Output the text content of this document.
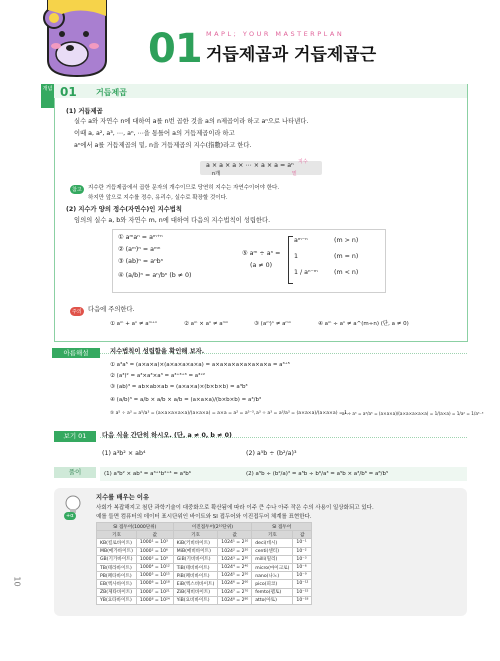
01 MAPL; YOUR MASTERPLAN
거듭제곱과 거듭제곱근
개념 01 거듭제곱
(1) 거듭제곱
실수 a와 자연수 n에 대하여 a를 n번 곱한 것을 a의 n제곱이라 하고 aⁿ으로 나타낸다.
이때 a, a², a³, ⋯, aⁿ, ⋯을 통틀어 a의 거듭제곱이라 하고
aⁿ에서 a를 거듭제곱의 밑, n을 거듭제곱의 지수(指數)라고 한다.
a × a × a × ⋯ × a × a = aⁿ
n개
지수
밑
참고	지수란 거듭제곱에서 곱한 문자의 개수이므로 당연히 지수는 자연수이어야 한다.
하지만 앞으로 지수를 정수, 유리수, 실수로 확장할 것이다.
(2) 지수가 양의 정수(자연수)인 지수법칙
임의의 실수 a, b와 자연수 m, n에 대하여 다음의 지수법칙이 성립한다.
① aᵐaⁿ = aᵐ⁺ⁿ
② (aᵐ)ⁿ = aᵐⁿ
③ (ab)ⁿ = aⁿbⁿ
④ (a/b)ⁿ = aⁿ/bⁿ (b ≠ 0)
⑤ aᵐ ÷ aⁿ =
(a ≠ 0)
aᵐ⁻ⁿ	(m > n)
1	(m = n)
1 / aⁿ⁻ᵐ	(m < n)
주의	다음에 주의한다.
① aᵐ + aⁿ ≠ aᵐ⁺ⁿ	② aᵐ × aⁿ ≠ aᵐⁿ	③ (aᵐ)ⁿ ≠ aᵐⁿ	④ aᵐ ÷ aⁿ ≠ a^(m÷n) (단, a ≠ 0)
아름해설	지수법칙이 성립함을 확인해 보자.
① a³a⁵ = (a×a×a)×(a×a×a×a×a) = a×a×a×a×a×a×a×a = a³⁺⁵
② (a³)² = a³×a³×a³ = a³⁺³⁺³ = a³ˣ²
③ (ab)³ = ab×ab×ab = (a×a×a)×(b×b×b) = a³b³
④ (a/b)³ = a/b × a/b × a/b = (a×a×a)/(b×b×b) = a³/b³
⑤ a⁵ ÷ a³ = a⁵/a³ = (a×a×a×a×a)/(a×a×a) = a×a = a² = a⁵⁻³, a³ ÷ a³ = a³/a³ = (a×a×a)/(a×a×a) = 1,
a³ ÷ a⁵ = a³/a⁵ = (a×a×a)/(a×a×a×a×a) = 1/(a×a) = 1/a² = 1/a⁵⁻³
보기 01	다음 식을 간단히 하시오. (단, a ≠ 0, b ≠ 0)
(1) a³b² × ab⁴	(2) a⁵b ÷ (b²/a)³
풀이	(1) a³b² × ab⁴ = a³⁺¹b²⁺⁴ = a⁴b⁶	(2) a⁵b ÷ (b²/a)³ = a⁵b ÷ b⁶/a³ = a⁵b × a³/b⁶ = a⁸/b⁵
+α
지수를 배우는 이유
사회가 복잡해지고 첨단 과학기술이 대중화으로 확산됨에 따라 이주 큰 수나 아주 작은 수의 사용이 일상화되고 있다.
예를 들면 컴퓨터의 데이터 표시단위인 바이트와 SI 접두어와 이진접두어 체계를 표현한다.
SI 접두어(1000단위)		이진접두어(2¹⁰단위)		SI 접두어	
기호	값	기호	값	기호	값
KB(킬로바이트)	1000¹ = 10³	KiB(키비바이트)	1024¹ = 2¹⁰	deci(데시)	10⁻¹
MB(메가바이트)	1000² = 10⁶	MiB(메비바이트)	1024² = 2²⁰	centi(센티)	10⁻²
GB(기가바이트)	1000³ = 10⁹	GiB(기비바이트)	1024³ = 2³⁰	milli(밀리)	10⁻³
TB(테라바이트)	1000⁴ = 10¹²	TiB(테비바이트)	1024⁴ = 2⁴⁰	micro(마이크로)	10⁻⁶
PB(페타바이트)	1000⁵ = 10¹⁵	PiB(페비바이트)	1024⁵ = 2⁵⁰	nano(나노)	10⁻⁹
EB(엑사바이트)	1000⁶ = 10¹⁸	EiB(엑스비바이트)	1024⁶ = 2⁶⁰	pico(피코)	10⁻¹²
ZB(제타바이트)	1000⁷ = 10²¹	ZiB(제비바이트)	1024⁷ = 2⁷⁰	femto(펨토)	10⁻¹⁵
YB(요타바이트)	1000⁸ = 10²⁴	YiB(요비바이트)	1024⁸ = 2⁸⁰	atto(아토)	10⁻¹⁸
10
